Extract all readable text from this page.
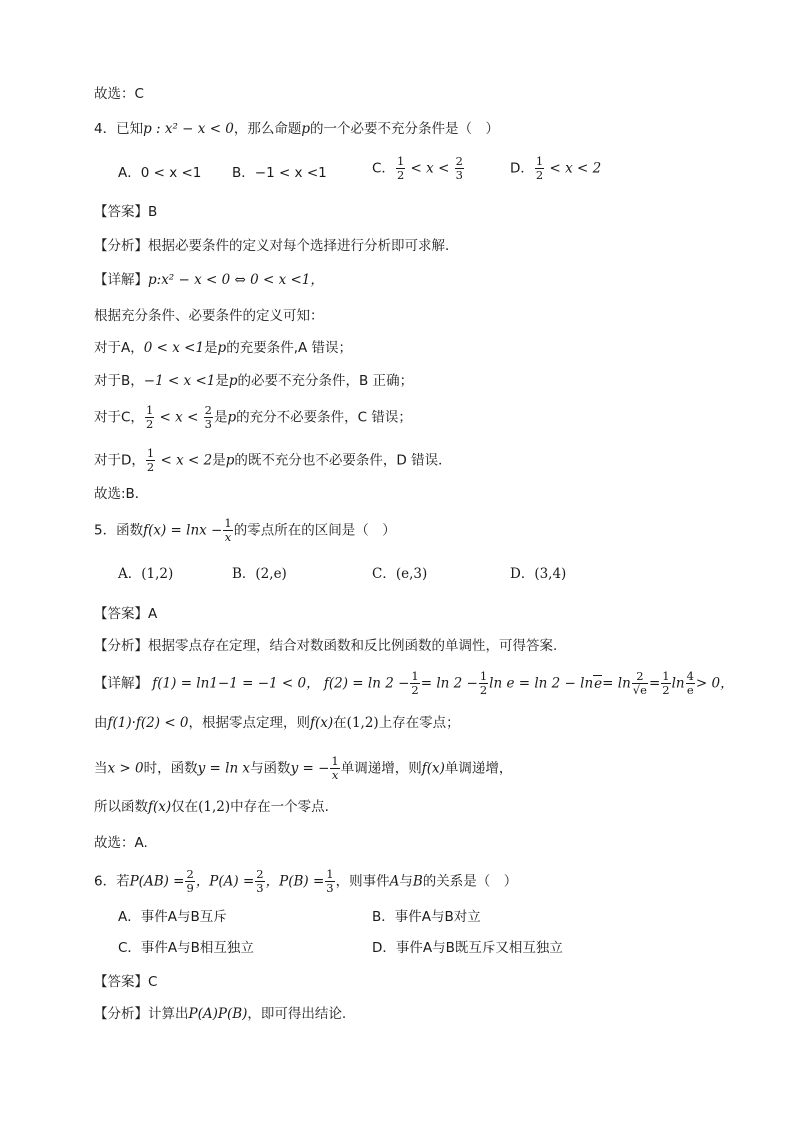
故选：C
4．已知p : x² − x < 0，那么命题p的一个必要不充分条件是（　）
A．0 < x <1 B．−1 < x <1	C． $\frac{1}{2} < x < \frac{2}{3}$	D． $\frac{1}{2} < x < 2$
【答案】B
【分析】根据必要条件的定义对每个选择进行分析即可求解．
【详解】p:x² − x < 0 ⇔ 0 < x <1，
根据充分条件、必要条件的定义可知：
对于A，0 < x <1是p的充要条件,A 错误；
对于B，−1 < x <1是p的必要不充分条件，B 正确；
对于C， $\frac{1}{2} < x < \frac{2}{3}$ 是p的充分不必要条件，C 错误；
对于D， $\frac{1}{2} < x < 2$是p的既不充分也不必要条件，D 错误．
故选:B．
5．函数$f(x) = \ln x - \frac{1}{x}$ 的零点所在的区间是（　）
A．(1,2)	B．(2,e)	C．(e,3)	D．(3,4)
【答案】A
【分析】根据零点存在定理，结合对数函数和反比例函数的单调性，可得答案.
【详解】 f(1) = ln1−1 = −1 < 0， $f(2) = \ln 2 - \frac{1}{2} = \ln 2 - \frac{1}{2}$ $\ln e = \ln 2 - \ln e= \ln \frac{2}{√e} = \frac{1}{2}$ $\ln \frac{4}{e} > 0$，
由f(1)·f(2) < 0，根据零点定理，则f(x)在(1,2)上存在零点；
当x > 0时，函数y = ln x与函数y = − $\frac{1}{x}$ 单调递增，则f(x)单调递增，
所以函数f(x)仅在(1,2)中存在一个零点.
故选：A.
6．若$P(AB) = \frac{2}{9}$ ，$P(A) = \frac{2}{3}$ ，$P(B) = \frac{1}{3}$ ，则事件A与B的关系是（　）
A．事件A与B互斥	B．事件A与B对立
C．事件A与B相互独立	D．事件A与B既互斥又相互独立
【答案】C
【分析】计算出P(A)P(B)，即可得出结论.
